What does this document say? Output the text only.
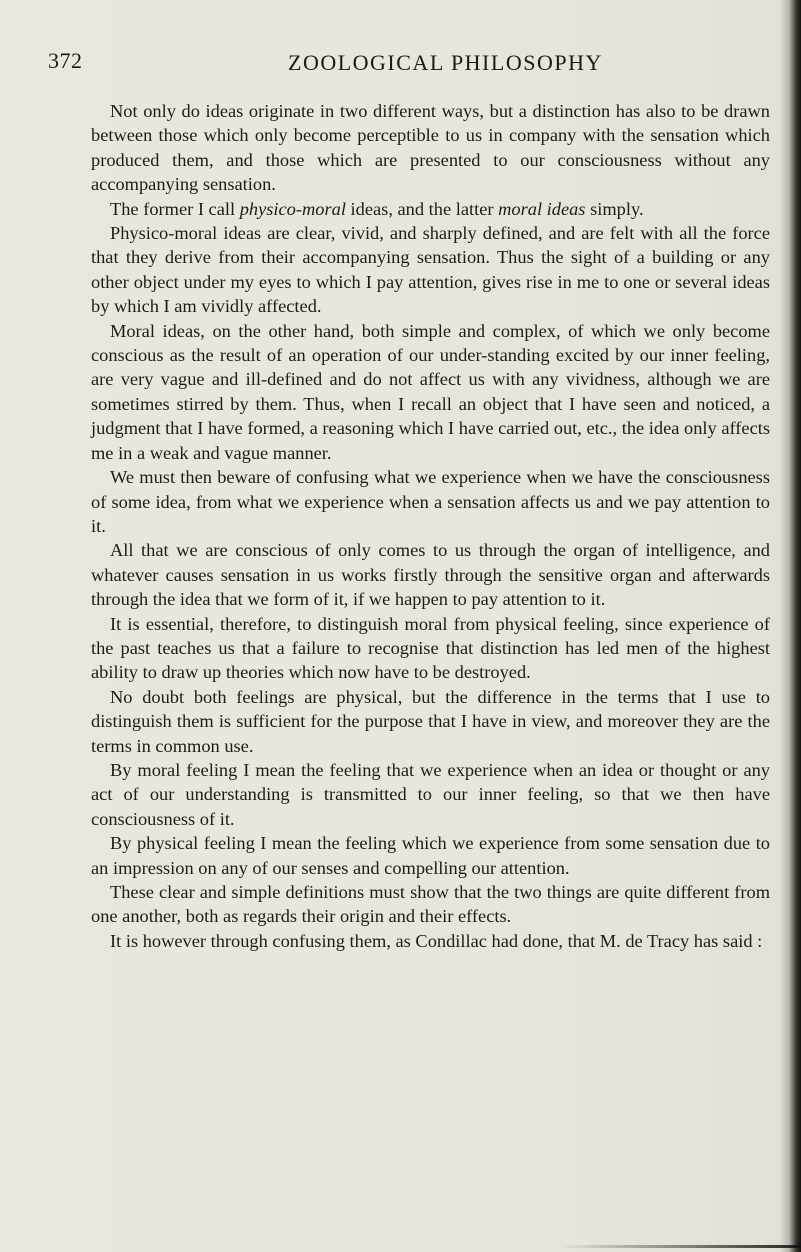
372	ZOOLOGICAL PHILOSOPHY

Not only do ideas originate in two different ways, but a distinction has also to be drawn between those which only become perceptible to us in company with the sensation which produced them, and those which are presented to our consciousness without any accompanying sensation.

The former I call physico-moral ideas, and the latter moral ideas simply.

Physico-moral ideas are clear, vivid, and sharply defined, and are felt with all the force that they derive from their accompanying sensation. Thus the sight of a building or any other object under my eyes to which I pay attention, gives rise in me to one or several ideas by which I am vividly affected.

Moral ideas, on the other hand, both simple and complex, of which we only become conscious as the result of an operation of our under-standing excited by our inner feeling, are very vague and ill-defined and do not affect us with any vividness, although we are sometimes stirred by them. Thus, when I recall an object that I have seen and noticed, a judgment that I have formed, a reasoning which I have carried out, etc., the idea only affects me in a weak and vague manner.

We must then beware of confusing what we experience when we have the consciousness of some idea, from what we experience when a sensation affects us and we pay attention to it.

All that we are conscious of only comes to us through the organ of intelligence, and whatever causes sensation in us works firstly through the sensitive organ and afterwards through the idea that we form of it, if we happen to pay attention to it.

It is essential, therefore, to distinguish moral from physical feeling, since experience of the past teaches us that a failure to recognise that distinction has led men of the highest ability to draw up theories which now have to be destroyed.

No doubt both feelings are physical, but the difference in the terms that I use to distinguish them is sufficient for the purpose that I have in view, and moreover they are the terms in common use.

By moral feeling I mean the feeling that we experience when an idea or thought or any act of our understanding is transmitted to our inner feeling, so that we then have consciousness of it.

By physical feeling I mean the feeling which we experience from some sensation due to an impression on any of our senses and compelling our attention.

These clear and simple definitions must show that the two things are quite different from one another, both as regards their origin and their effects.

It is however through confusing them, as Condillac had done, that M. de Tracy has said :
